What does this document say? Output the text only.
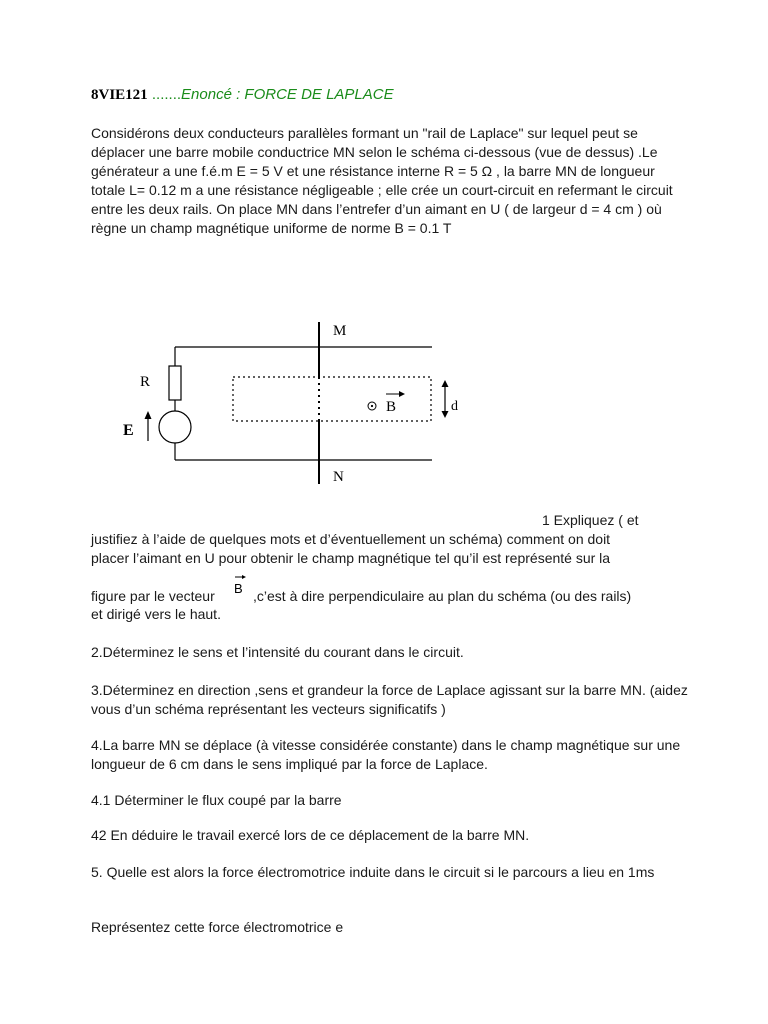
8VIE121 .......Enoncé : FORCE DE LAPLACE

Considérons deux conducteurs parallèles formant un "rail de Laplace" sur lequel peut se déplacer une barre mobile conductrice MN selon le schéma ci-dessous (vue de dessus) .Le générateur a une f.é.m E = 5 V et une résistance interne R = 5 Ω , la barre MN de longueur totale L= 0.12 m a une résistance négligeable ; elle crée un court-circuit en refermant le circuit entre les deux rails. On place MN dans l’entrefer d’un aimant en U ( de largeur d = 4 cm ) où règne un champ magnétique uniforme de norme B = 0.1 T

M
N
R
E
B	d
1 Expliquez ( et
justifiez à l’aide de quelques mots et d’éventuellement un schéma) comment on doit
placer l’aimant en U pour obtenir le champ magnétique tel qu’il est représenté sur la
figure par le vecteur B ,c’est à dire perpendiculaire au plan du schéma (ou des rails)
et dirigé vers le haut.

2.Déterminez le sens et l’intensité du courant dans le circuit.

3.Déterminez en direction ,sens et grandeur la force de Laplace agissant sur la barre MN. (aidez vous d’un schéma représentant les vecteurs significatifs )

4.La barre MN se déplace (à vitesse considérée constante) dans le champ magnétique sur une longueur de 6 cm dans le sens impliqué par la force de Laplace.

4.1 Déterminer le flux coupé par la barre

42 En déduire le travail exercé lors de ce déplacement de la barre MN.

5. Quelle est alors la force électromotrice induite dans le circuit si le parcours a lieu en 1ms

Représentez cette force électromotrice e
